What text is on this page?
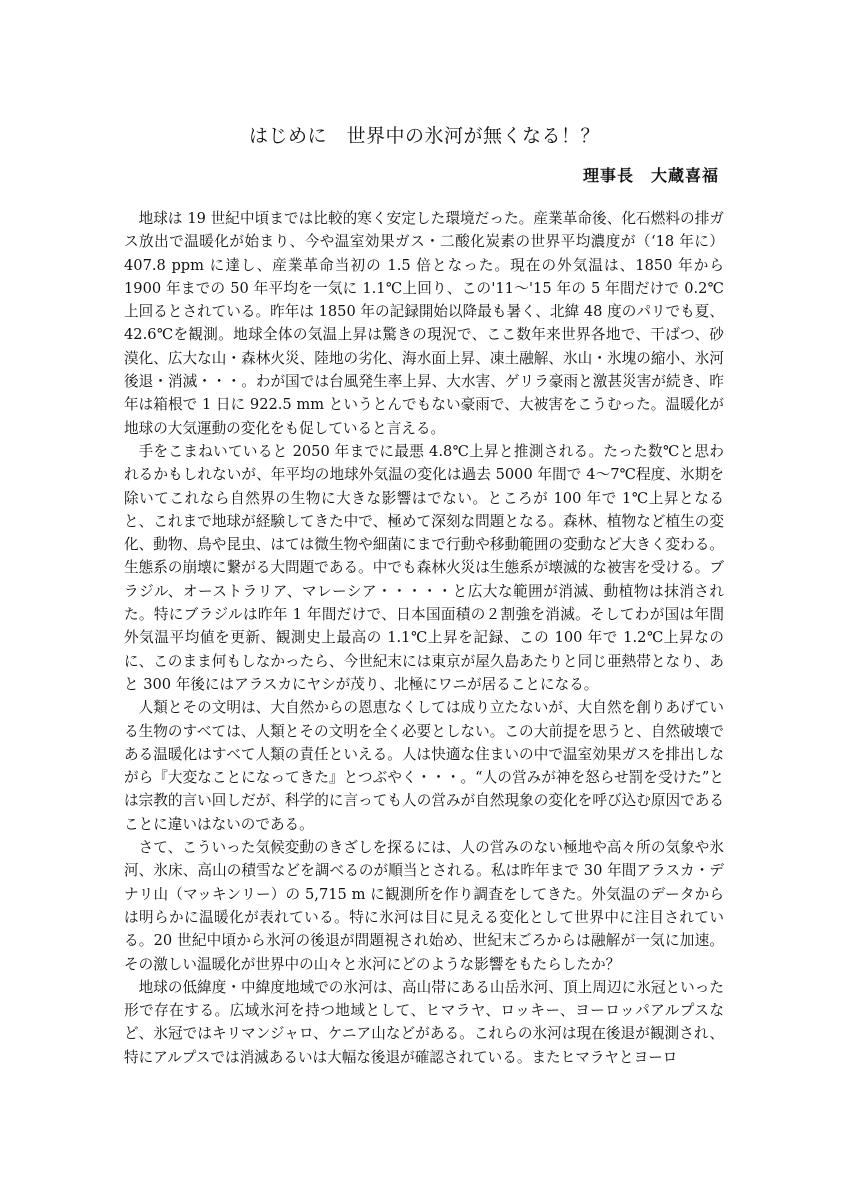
はじめに　世界中の氷河が無くなる！？
理事長　大蔵喜福

地球は 19 世紀中頃までは比較的寒く安定した環境だった。産業革命後、化石燃料の排ガス放出で温暖化が始まり、今や温室効果ガス・二酸化炭素の世界平均濃度が（‘18 年に）407.8 ppm に達し、産業革命当初の 1.5 倍となった。現在の外気温は、1850 年から 1900 年までの 50 年平均を一気に 1.1℃上回り、この'11〜'15 年の 5 年間だけで 0.2℃上回るとされている。昨年は 1850 年の記録開始以降最も暑く、北緯 48 度のパリでも夏、42.6℃を観測。地球全体の気温上昇は驚きの現況で、ここ数年来世界各地で、干ばつ、砂漠化、広大な山・森林火災、陸地の劣化、海水面上昇、凍土融解、氷山・氷塊の縮小、氷河後退・消滅・・・。わが国では台風発生率上昇、大水害、ゲリラ豪雨と激甚災害が続き、昨年は箱根で 1 日に 922.5 mm というとんでもない豪雨で、大被害をこうむった。温暖化が地球の大気運動の変化をも促していると言える。

手をこまねいていると 2050 年までに最悪 4.8℃上昇と推測される。たった数℃と思われるかもしれないが、年平均の地球外気温の変化は過去 5000 年間で 4〜7℃程度、氷期を除いてこれなら自然界の生物に大きな影響はでない。ところが 100 年で 1℃上昇となると、これまで地球が経験してきた中で、極めて深刻な問題となる。森林、植物など植生の変化、動物、鳥や昆虫、はては微生物や細菌にまで行動や移動範囲の変動など大きく変わる。生態系の崩壊に繋がる大問題である。中でも森林火災は生態系が壊滅的な被害を受ける。ブラジル、オーストラリア、マレーシア・・・・・と広大な範囲が消滅、動植物は抹消された。特にブラジルは昨年 1 年間だけで、日本国面積の２割強を消滅。そしてわが国は年間外気温平均値を更新、観測史上最高の 1.1℃上昇を記録、この 100 年で 1.2℃上昇なのに、このまま何もしなかったら、今世紀末には東京が屋久島あたりと同じ亜熱帯となり、あと 300 年後にはアラスカにヤシが茂り、北極にワニが居ることになる。

人類とその文明は、大自然からの恩恵なくしては成り立たないが、大自然を創りあげている生物のすべては、人類とその文明を全く必要としない。この大前提を思うと、自然破壊である温暖化はすべて人類の責任といえる。人は快適な住まいの中で温室効果ガスを排出しながら『大変なことになってきた』とつぶやく・・・。“人の営みが神を怒らせ罰を受けた”とは宗教的言い回しだが、科学的に言っても人の営みが自然現象の変化を呼び込む原因であることに違いはないのである。

さて、こういった気候変動のきざしを探るには、人の営みのない極地や高々所の気象や氷河、氷床、高山の積雪などを調べるのが順当とされる。私は昨年まで 30 年間アラスカ・デナリ山（マッキンリー）の 5,715 m に観測所を作り調査をしてきた。外気温のデータからは明らかに温暖化が表れている。特に氷河は目に見える変化として世界中に注目されている。20 世紀中頃から氷河の後退が問題視され始め、世紀末ごろからは融解が一気に加速。その激しい温暖化が世界中の山々と氷河にどのような影響をもたらしたか？

地球の低緯度・中緯度地域での氷河は、高山帯にある山岳氷河、頂上周辺に氷冠といった形で存在する。広域氷河を持つ地域として、ヒマラヤ、ロッキー、ヨーロッパアルプスなど、氷冠ではキリマンジャロ、ケニア山などがある。これらの氷河は現在後退が観測され、特にアルプスでは消滅あるいは大幅な後退が確認されている。またヒマラヤとヨーロ
